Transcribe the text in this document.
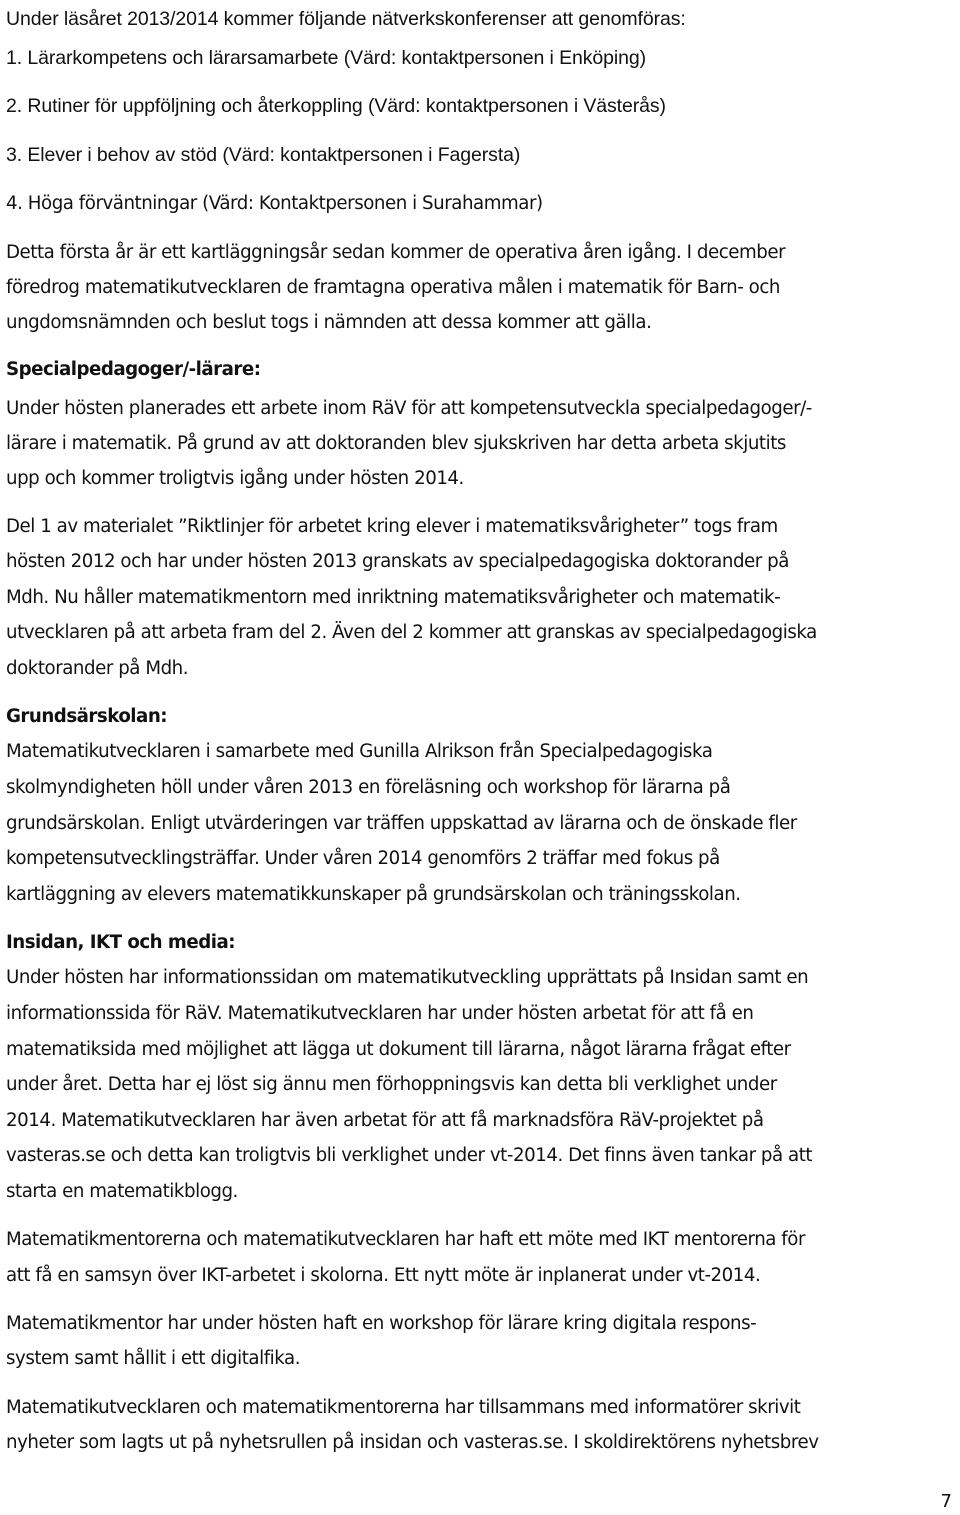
Under läsåret 2013/2014 kommer följande nätverkskonferenser att genomföras:
1. Lärarkompetens och lärarsamarbete (Värd: kontaktpersonen i Enköping)
2. Rutiner för uppföljning och återkoppling (Värd: kontaktpersonen i Västerås)
3. Elever i behov av stöd (Värd: kontaktpersonen i Fagersta)
4. Höga förväntningar (Värd: Kontaktpersonen i Surahammar)
Detta första år är ett kartläggningsår sedan kommer de operativa åren igång. I december
föredrog matematikutvecklaren de framtagna operativa målen i matematik för Barn- och
ungdomsnämnden och beslut togs i nämnden att dessa kommer att gälla.
Specialpedagoger/-lärare:
Under hösten planerades ett arbete inom RäV för att kompetensutveckla specialpedagoger/-
lärare i matematik. På grund av att doktoranden blev sjukskriven har detta arbeta skjutits
upp och kommer troligtvis igång under hösten 2014.
Del 1 av materialet ”Riktlinjer för arbetet kring elever i matematiksvårigheter” togs fram
hösten 2012 och har under hösten 2013 granskats av specialpedagogiska doktorander på
Mdh. Nu håller matematikmentorn med inriktning matematiksvårigheter och matematik-
utvecklaren på att arbeta fram del 2. Även del 2 kommer att granskas av specialpedagogiska
doktorander på Mdh.
Grundsärskolan:
Matematikutvecklaren i samarbete med Gunilla Alrikson från Specialpedagogiska
skolmyndigheten höll under våren 2013 en föreläsning och workshop för lärarna på
grundsärskolan. Enligt utvärderingen var träffen uppskattad av lärarna och de önskade fler
kompetensutvecklingsträffar. Under våren 2014 genomförs 2 träffar med fokus på
kartläggning av elevers matematikkunskaper på grundsärskolan och träningsskolan.
Insidan, IKT och media:
Under hösten har informationssidan om matematikutveckling upprättats på Insidan samt en
informationssida för RäV. Matematikutvecklaren har under hösten arbetat för att få en
matematiksida med möjlighet att lägga ut dokument till lärarna, något lärarna frågat efter
under året. Detta har ej löst sig ännu men förhoppningsvis kan detta bli verklighet under
2014. Matematikutvecklaren har även arbetat för att få marknadsföra RäV-projektet på
vasteras.se och detta kan troligtvis bli verklighet under vt-2014. Det finns även tankar på att
starta en matematikblogg.
Matematikmentorerna och matematikutvecklaren har haft ett möte med IKT mentorerna för
att få en samsyn över IKT-arbetet i skolorna. Ett nytt möte är inplanerat under vt-2014.
Matematikmentor har under hösten haft en workshop för lärare kring digitala respons-
system samt hållit i ett digitalfika.
Matematikutvecklaren och matematikmentorerna har tillsammans med informatörer skrivit
nyheter som lagts ut på nyhetsrullen på insidan och vasteras.se. I skoldirektörens nyhetsbrev
7
